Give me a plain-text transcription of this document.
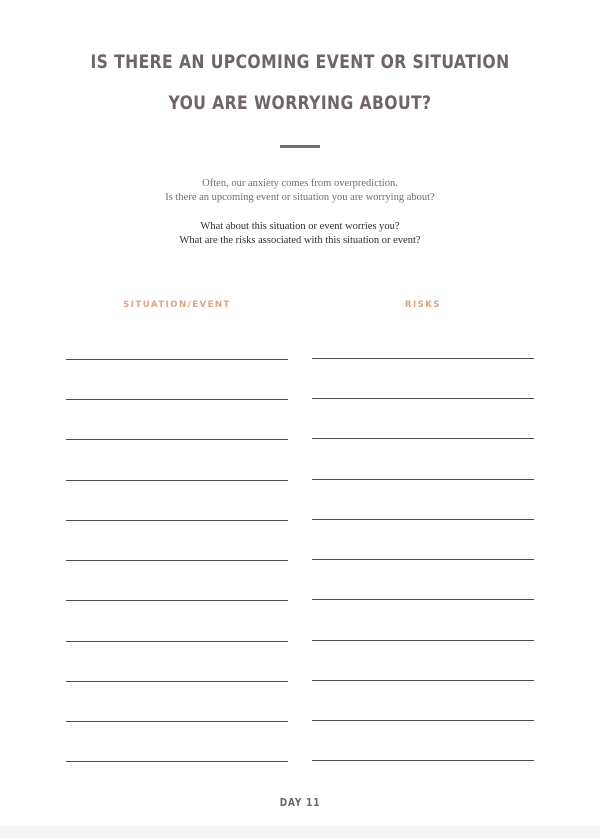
IS THERE AN UPCOMING EVENT OR SITUATION
YOU ARE WORRYING ABOUT?
Often, our anxiety comes from overprediction.
Is there an upcoming event or situation you are worrying about?
What about this situation or event worries you?
What are the risks associated with this situation or event?
SITUATION/EVENT	RISKS
DAY 11
